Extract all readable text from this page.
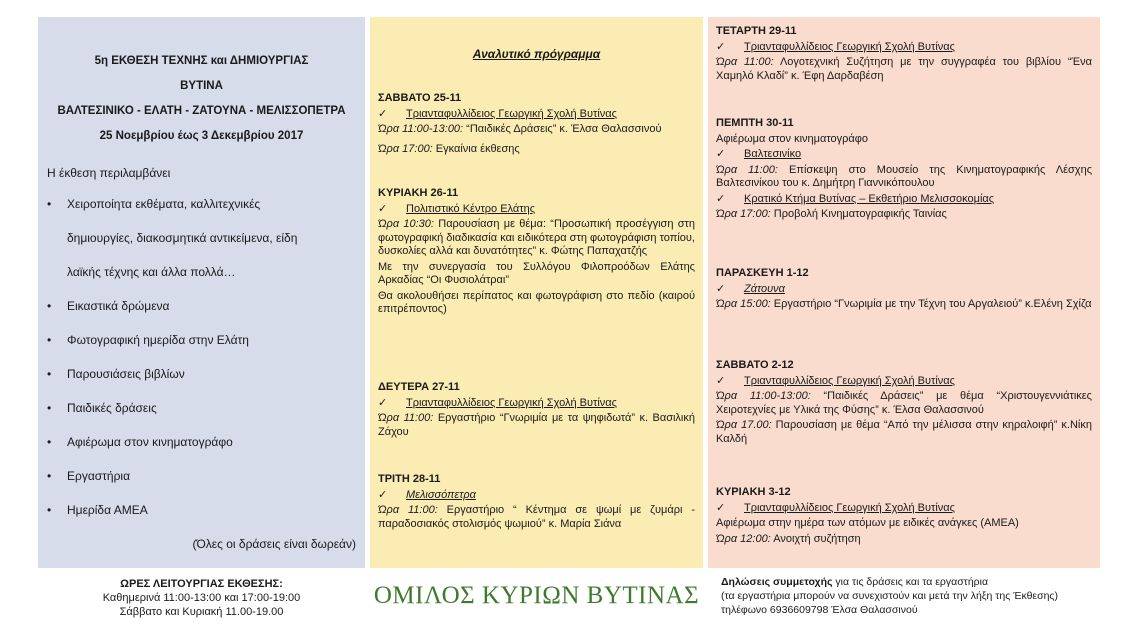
5η ΕΚΘΕΣΗ ΤΕΧΝΗΣ και ΔΗΜΙΟΥΡΓΙΑΣ
ΒΥΤΙΝΑ
ΒΑΛΤΕΣΙΝΙΚΟ - ΕΛΑΤΗ - ΖΑΤΟΥΝΑ - ΜΕΛΙΣΣΟΠΕΤΡΑ
25 Νοεμβρίου έως 3 Δεκεμβρίου 2017
Η έκθεση περιλαμβάνει
• Χειροποίητα εκθέματα, καλλιτεχνικές
δημιουργίες, διακοσμητικά αντικείμενα, είδη
λαϊκής τέχνης και άλλα πολλά…
• Εικαστικά δρώμενα
• Φωτογραφική ημερίδα στην Ελάτη
• Παρουσιάσεις βιβλίων
• Παιδικές δράσεις
• Αφιέρωμα στον κινηματογράφο
• Εργαστήρια
• Ημερίδα ΑΜΕΑ
(Όλες οι δράσεις είναι δωρεάν)
Αναλυτικό πρόγραμμα
ΣΑΒΒΑΤΟ 25-11
✓	Τριανταφυλλίδειος Γεωργική Σχολή Βυτίνας
Ώρα 11:00-13:00: “Παιδικές Δράσεις” κ. Έλσα Θαλασσινού
Ώρα 17:00: Εγκαίνια έκθεσης
ΚΥΡΙΑΚΗ 26-11
✓	Πολιτιστικό Κέντρο Ελάτης
Ώρα 10:30: Παρουσίαση με θέμα: “Προσωπική προσέγγιση στη φωτογραφική διαδικασία και ειδικότερα στη φωτογράφιση τοπίου, δυσκολίες αλλά και δυνατότητες” κ. Φώτης Παπαχατζής
Με την συνεργασία του Συλλόγου Φιλοπροόδων Ελάτης Αρκαδίας “Οι Φυσιολάτραι”
Θα ακολουθήσει περίπατος και φωτογράφιση στο πεδίο (καιρού επιτρέποντος)
ΔΕΥΤΕΡΑ 27-11
✓	Τριανταφυλλίδειος Γεωργική Σχολή Βυτίνας
Ώρα 11:00: Εργαστήριο “Γνωριμία με τα ψηφιδωτά” κ. Βασιλική Ζάχου
ΤΡΙΤΗ 28-11
✓	Μελισσόπετρα
Ώρα 11:00: Εργαστήριο “ Κέντημα σε ψωμί με ζυμάρι - παραδοσιακός στολισμός ψωμιού” κ. Μαρία Σιάνα
ΤΕΤΑΡΤΗ 29-11
✓	Τριανταφυλλίδειος Γεωργική Σχολή Βυτίνας
Ώρα 11:00: Λογοτεχνική Συζήτηση με την συγγραφέα του βιβλίου “Ένα Χαμηλό Κλαδί” κ. Έφη Δαρδαβέση
ΠΕΜΠΤΗ 30-11
Αφιέρωμα στον κινηματογράφο
✓	Βαλτεσινίκο
Ώρα 11:00: Επίσκεψη στο Μουσείο της Κινηματογραφικής Λέσχης Βαλτεσινίκου του κ. Δημήτρη Γιαννικόπουλου
✓	Κρατικό Κτήμα Βυτίνας – Εκθετήριο Μελισσοκομίας
Ώρα 17:00: Προβολή Κινηματογραφικής Ταινίας
ΠΑΡΑΣΚΕΥΗ 1-12
✓	Ζάτουνα
Ώρα 15:00: Εργαστήριο “Γνωριμία με την Τέχνη του Αργαλειού” κ.Ελένη Σχίζα
ΣΑΒΒΑΤΟ 2-12
✓	Τριανταφυλλίδειος Γεωργική Σχολή Βυτίνας
Ώρα 11:00-13:00: “Παιδικές Δράσεις” με θέμα “Χριστουγεννιάτικες Χειροτεχνίες με Υλικά της Φύσης” κ. Έλσα Θαλασσινού
Ώρα 17.00: Παρουσίαση με θέμα “Από την μέλισσα στην κηραλοιφή” κ.Νίκη Καλδή
ΚΥΡΙΑΚΗ 3-12
✓	Τριανταφυλλίδειος Γεωργική Σχολή Βυτίνας
Αφιέρωμα στην ημέρα των ατόμων με ειδικές ανάγκες (ΑΜΕΑ)
Ώρα 12:00: Ανοιχτή συζήτηση
ΩΡΕΣ ΛΕΙΤΟΥΡΓΙΑΣ ΕΚΘΕΣΗΣ:
Καθημερινά 11:00-13:00 και 17:00-19:00
Σάββατο και Κυριακή 11.00-19.00
ΟΜΙΛΟΣ ΚΥΡΙΩΝ ΒΥΤΙΝΑΣ	Δηλώσεις συμμετοχής για τις δράσεις και τα εργαστήρια
(τα εργαστήρια μπορούν να συνεχιστούν και μετά την λήξη της Έκθεσης)
τηλέφωνο 6936609798 Έλσα Θαλασσινού
